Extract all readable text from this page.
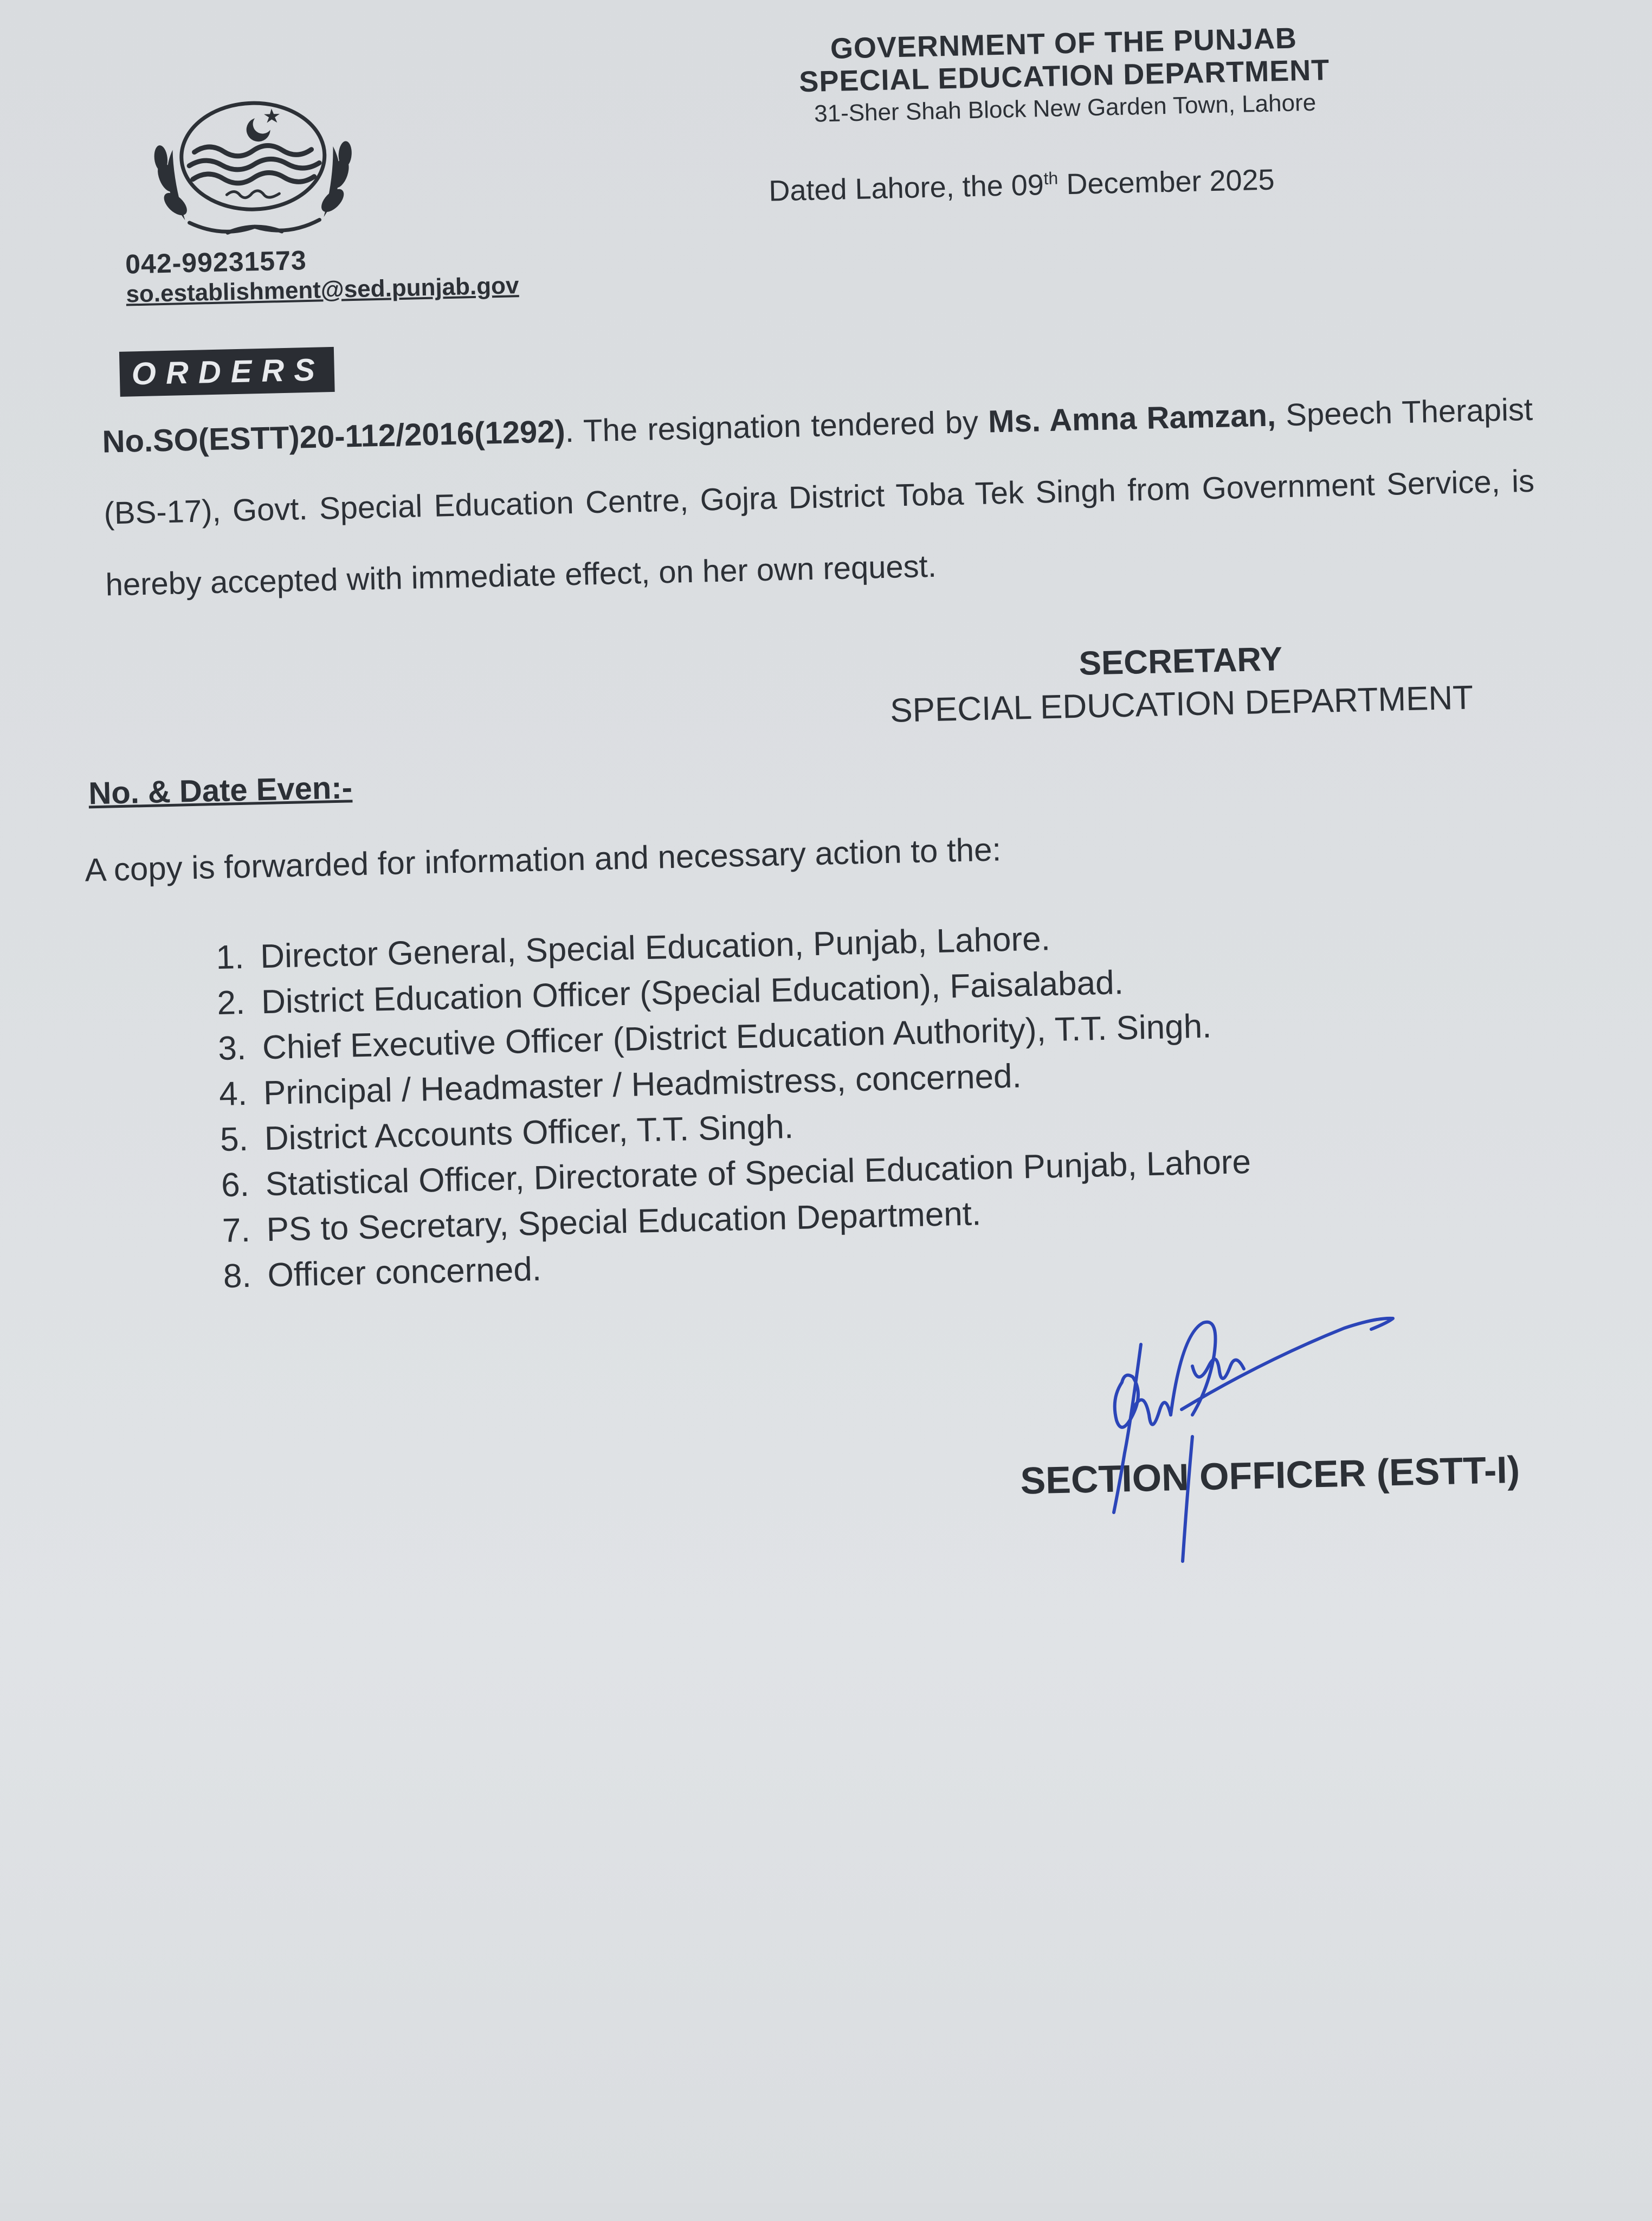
GOVERNMENT OF THE PUNJAB
SPECIAL EDUCATION DEPARTMENT
31-Sher Shah Block New Garden Town, Lahore
Dated Lahore, the 09th December 2025
042-99231573
so.establishment@sed.punjab.gov
ORDERS
No.SO(ESTT)20-112/2016(1292). The resignation tendered by Ms. Amna Ramzan, Speech Therapist (BS-17), Govt. Special Education Centre, Gojra District Toba Tek Singh from Government Service, is hereby accepted with immediate effect, on her own request.
SECRETARY
SPECIAL EDUCATION DEPARTMENT
No. & Date Even:-
A copy is forwarded for information and necessary action to the:
1. Director General, Special Education, Punjab, Lahore.
2. District Education Officer (Special Education), Faisalabad.
3. Chief Executive Officer (District Education Authority), T.T. Singh.
4. Principal / Headmaster / Headmistress, concerned.
5. District Accounts Officer, T.T. Singh.
6. Statistical Officer, Directorate of Special Education Punjab, Lahore
7. PS to Secretary, Special Education Department.
8. Officer concerned.
SECTION OFFICER (ESTT-I)
